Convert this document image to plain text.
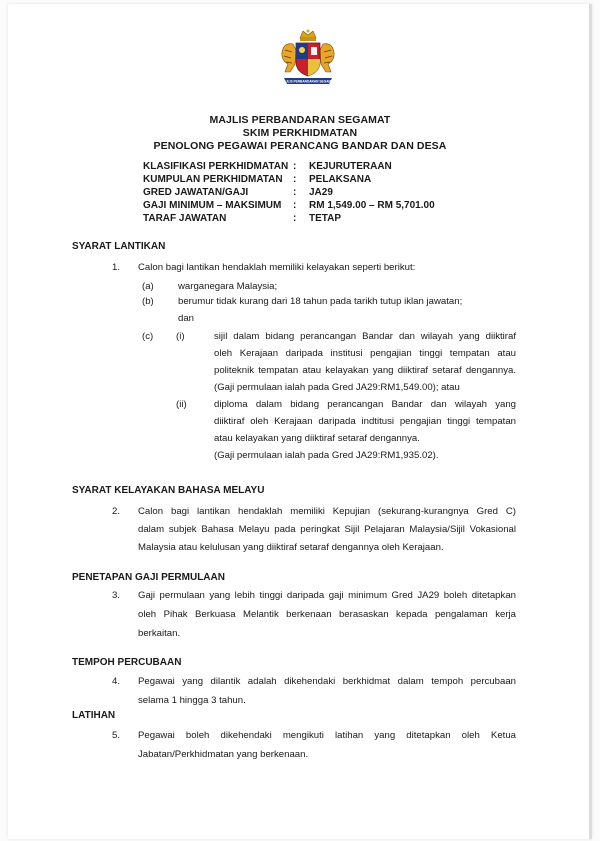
MAJLIS PERBANDARAN SEGAMAT
MAJLIS PERBANDARAN SEGAMAT
SKIM PERKHIDMATAN
PENOLONG PEGAWAI PERANCANG BANDAR DAN DESA
KLASIFIKASI PERKHIDMATAN : KEJURUTERAAN
KUMPULAN PERKHIDMATAN : PELAKSANA
GRED JAWATAN/GAJI	: JA29
GAJI MINIMUM – MAKSIMUM : RM 1,549.00 – RM 5,701.00
TARAF JAWATAN	: TETAP
SYARAT LANTIKAN
1. Calon bagi lantikan hendaklah memiliki kelayakan seperti berikut:
(a)	warganegara Malaysia;
(b)	berumur tidak kurang dari 18 tahun pada tarikh tutup iklan jawatan;
dan
(c) (i)	sijil dalam bidang perancangan Bandar dan wilayah yang diiktiraf
oleh Kerajaan daripada institusi pengajian tinggi tempatan atau
politeknik tempatan atau kelayakan yang diiktiraf setaraf dengannya.
(Gaji permulaan ialah pada Gred JA29:RM1,549.00); atau
(ii)	diploma dalam bidang perancangan Bandar dan wilayah yang
diiktiraf oleh Kerajaan daripada indtitusi pengajian tinggi tempatan
atau kelayakan yang diiktiraf setaraf dengannya.
(Gaji permulaan ialah pada Gred JA29:RM1,935.02).
SYARAT KELAYAKAN BAHASA MELAYU
2. Calon bagi lantikan hendaklah memiliki Kepujian (sekurang-kurangnya Gred C)
dalam subjek Bahasa Melayu pada peringkat Sijil Pelajaran Malaysia/Sijil Vokasional
Malaysia atau kelulusan yang diiktiraf setaraf dengannya oleh Kerajaan.
PENETAPAN GAJI PERMULAAN
3. Gaji permulaan yang lebih tinggi daripada gaji minimum Gred JA29 boleh ditetapkan
oleh Pihak Berkuasa Melantik berkenaan berasaskan kepada pengalaman kerja
berkaitan.
TEMPOH PERCUBAAN
4. Pegawai yang dilantik adalah dikehendaki berkhidmat dalam tempoh percubaan
selama 1 hingga 3 tahun.
LATIHAN
5. Pegawai boleh dikehendaki mengikuti latihan yang ditetapkan oleh Ketua
Jabatan/Perkhidmatan yang berkenaan.
